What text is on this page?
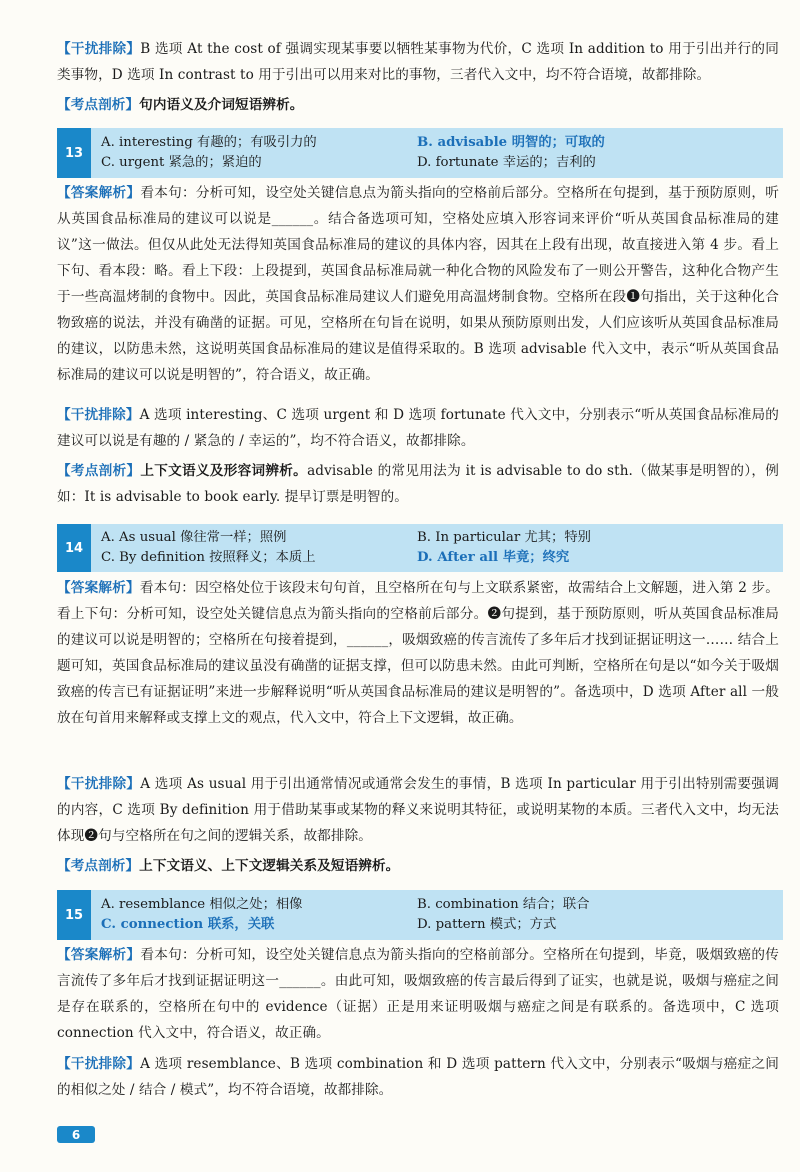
【干扰排除】B 选项 At the cost of 强调实现某事要以牺牲某事物为代价，C 选项 In addition to 用于引出并行的同类事物，D 选项 In contrast to 用于引出可以用来对比的事物，三者代入文中，均不符合语境，故都排除。
【考点剖析】句内语义及介词短语辨析。
13
A. interesting 有趣的；有吸引力的	B. advisable 明智的；可取的
C. urgent 紧急的；紧迫的	D. fortunate 幸运的；吉利的
【答案解析】看本句：分析可知，设空处关键信息点为箭头指向的空格前后部分。空格所在句提到，基于预防原则，听从英国食品标准局的建议可以说是______。结合备选项可知，空格处应填入形容词来评价“听从英国食品标准局的建议”这一做法。但仅从此处无法得知英国食品标准局的建议的具体内容，因其在上段有出现，故直接进入第 4 步。看上下句、看本段：略。看上下段：上段提到，英国食品标准局就一种化合物的风险发布了一则公开警告，这种化合物产生于一些高温烤制的食物中。因此，英国食品标准局建议人们避免用高温烤制食物。空格所在段❶句指出，关于这种化合物致癌的说法，并没有确凿的证据。可见，空格所在句旨在说明，如果从预防原则出发，人们应该听从英国食品标准局的建议，以防患未然，这说明英国食品标准局的建议是值得采取的。B 选项 advisable 代入文中，表示“听从英国食品标准局的建议可以说是明智的”，符合语义，故正确。
【干扰排除】A 选项 interesting、C 选项 urgent 和 D 选项 fortunate 代入文中，分别表示“听从英国食品标准局的建议可以说是有趣的 / 紧急的 / 幸运的”，均不符合语义，故都排除。
【考点剖析】上下文语义及形容词辨析。advisable 的常见用法为 it is advisable to do sth.（做某事是明智的），例如：It is advisable to book early. 提早订票是明智的。
14
A. As usual 像往常一样；照例	B. In particular 尤其；特别
C. By definition 按照释义；本质上	D. After all 毕竟；终究
【答案解析】看本句：因空格处位于该段末句句首，且空格所在句与上文联系紧密，故需结合上文解题，进入第 2 步。看上下句：分析可知，设空处关键信息点为箭头指向的空格前后部分。❷句提到，基于预防原则，听从英国食品标准局的建议可以说是明智的；空格所在句接着提到，______，吸烟致癌的传言流传了多年后才找到证据证明这一…… 结合上题可知，英国食品标准局的建议虽没有确凿的证据支撑，但可以防患未然。由此可判断，空格所在句是以“如今关于吸烟致癌的传言已有证据证明”来进一步解释说明“听从英国食品标准局的建议是明智的”。备选项中，D 选项 After all 一般放在句首用来解释或支撑上文的观点，代入文中，符合上下文逻辑，故正确。
【干扰排除】A 选项 As usual 用于引出通常情况或通常会发生的事情，B 选项 In particular 用于引出特别需要强调的内容，C 选项 By definition 用于借助某事或某物的释义来说明其特征，或说明某物的本质。三者代入文中，均无法体现❷句与空格所在句之间的逻辑关系，故都排除。
【考点剖析】上下文语义、上下文逻辑关系及短语辨析。
15
A. resemblance 相似之处；相像	B. combination 结合；联合
C. connection 联系，关联	D. pattern 模式；方式
【答案解析】看本句：分析可知，设空处关键信息点为箭头指向的空格前部分。空格所在句提到，毕竟，吸烟致癌的传言流传了多年后才找到证据证明这一______。由此可知，吸烟致癌的传言最后得到了证实，也就是说，吸烟与癌症之间是存在联系的，空格所在句中的 evidence（证据）正是用来证明吸烟与癌症之间是有联系的。备选项中，C 选项 connection 代入文中，符合语义，故正确。
【干扰排除】A 选项 resemblance、B 选项 combination 和 D 选项 pattern 代入文中，分别表示“吸烟与癌症之间的相似之处 / 结合 / 模式”，均不符合语境，故都排除。
6
